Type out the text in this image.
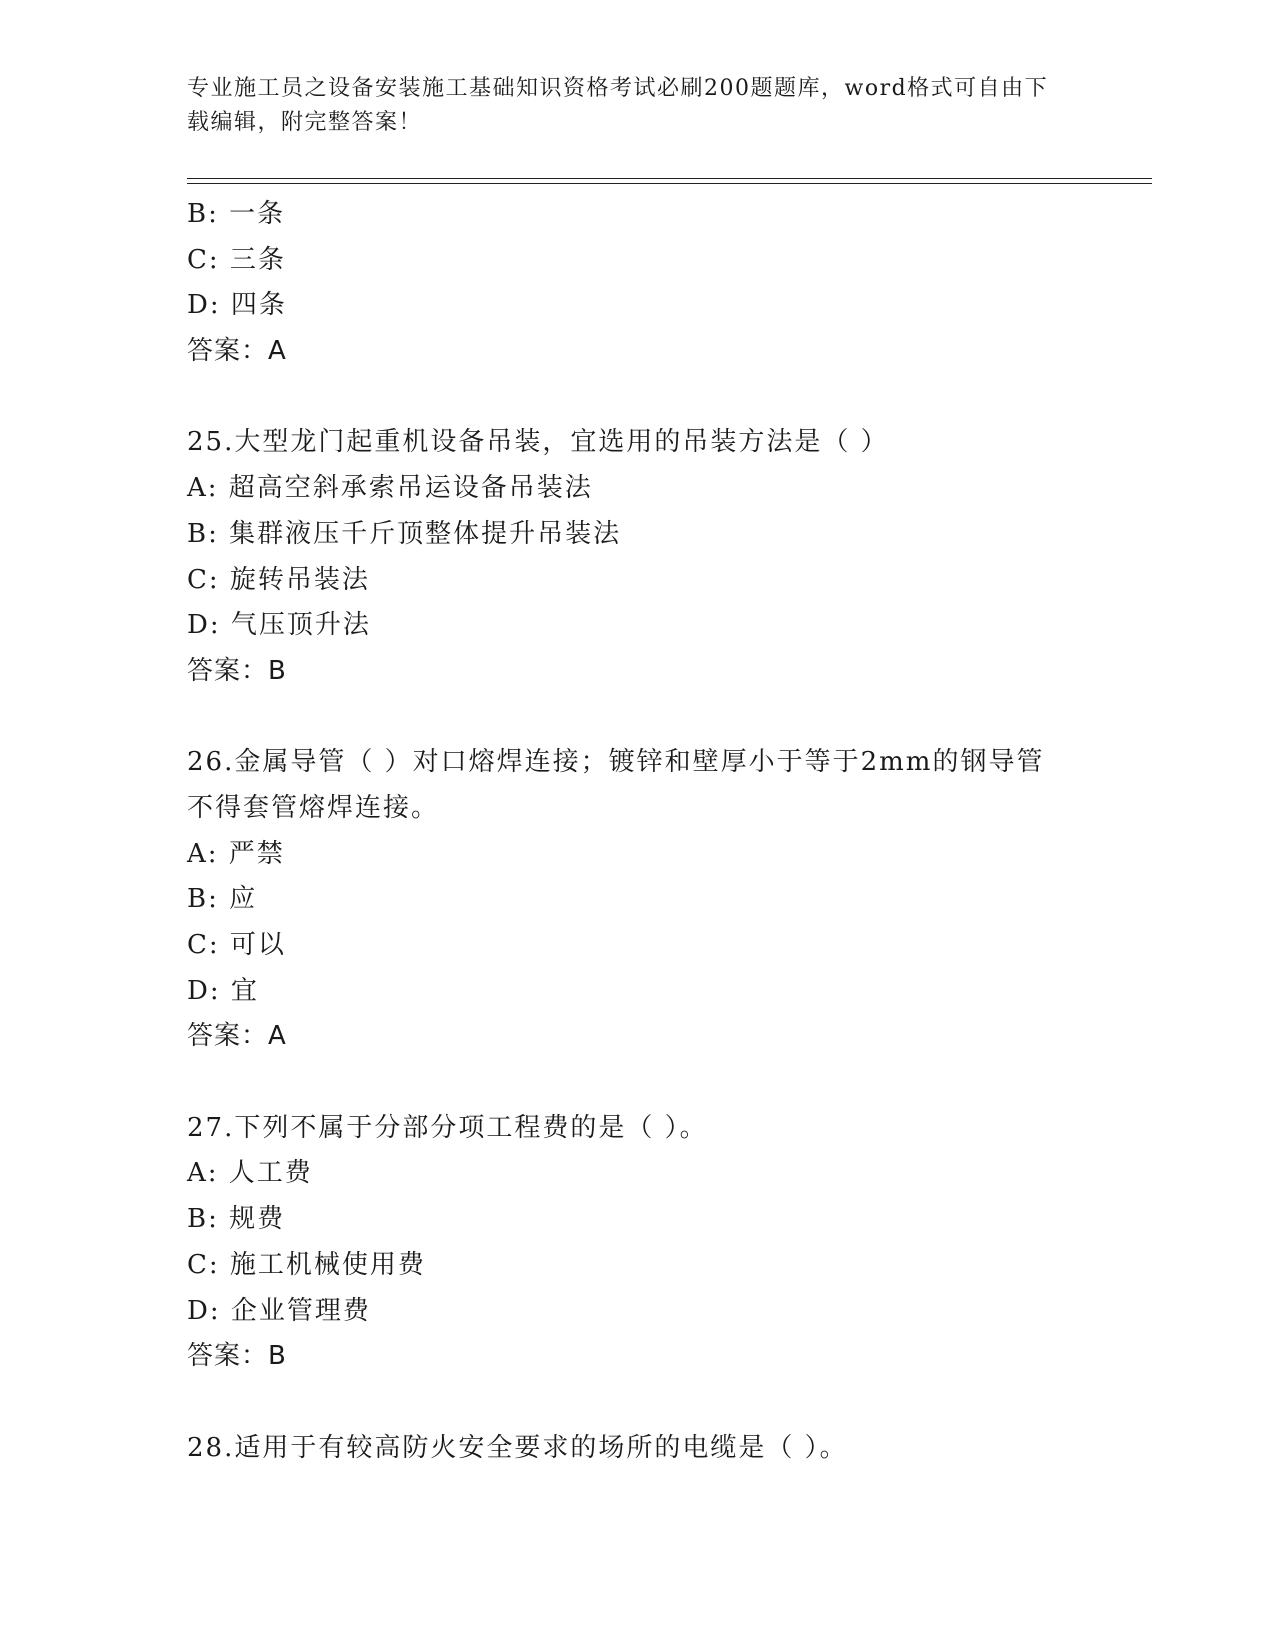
专业施工员之设备安装施工基础知识资格考试必刷200题题库，word格式可自由下载编辑，附完整答案！
B: 一条
C: 三条
D: 四条
答案：A
25.大型龙门起重机设备吊装，宜选用的吊装方法是（ ）
A: 超高空斜承索吊运设备吊装法
B: 集群液压千斤顶整体提升吊装法
C: 旋转吊装法
D: 气压顶升法
答案：B
26.金属导管（ ）对口熔焊连接；镀锌和壁厚小于等于2mm的钢导管
不得套管熔焊连接。
A: 严禁
B: 应
C: 可以
D: 宜
答案：A
27.下列不属于分部分项工程费的是（ ）。
A: 人工费
B: 规费
C: 施工机械使用费
D: 企业管理费
答案：B
28.适用于有较高防火安全要求的场所的电缆是（ ）。
